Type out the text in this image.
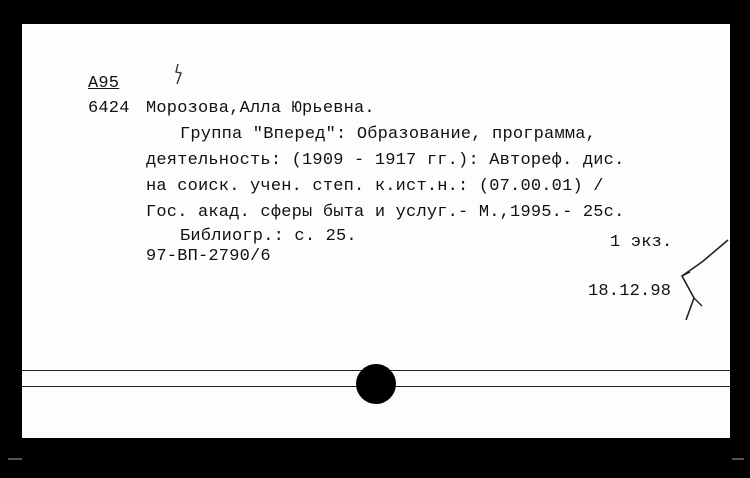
A95
6424 Морозова,Алла Юрьевна.
Группа "Вперед": Образование, программа,
деятельность: (1909 - 1917 гг.): Автореф. дис.
на соиск. учен. степ. к.ист.н.: (07.00.01) /
Гос. акад. сферы быта и услуг.- М.,1995.- 25с.
Библиогр.: с. 25.	1 экз.
97-ВП-2790/6
18.12.98
